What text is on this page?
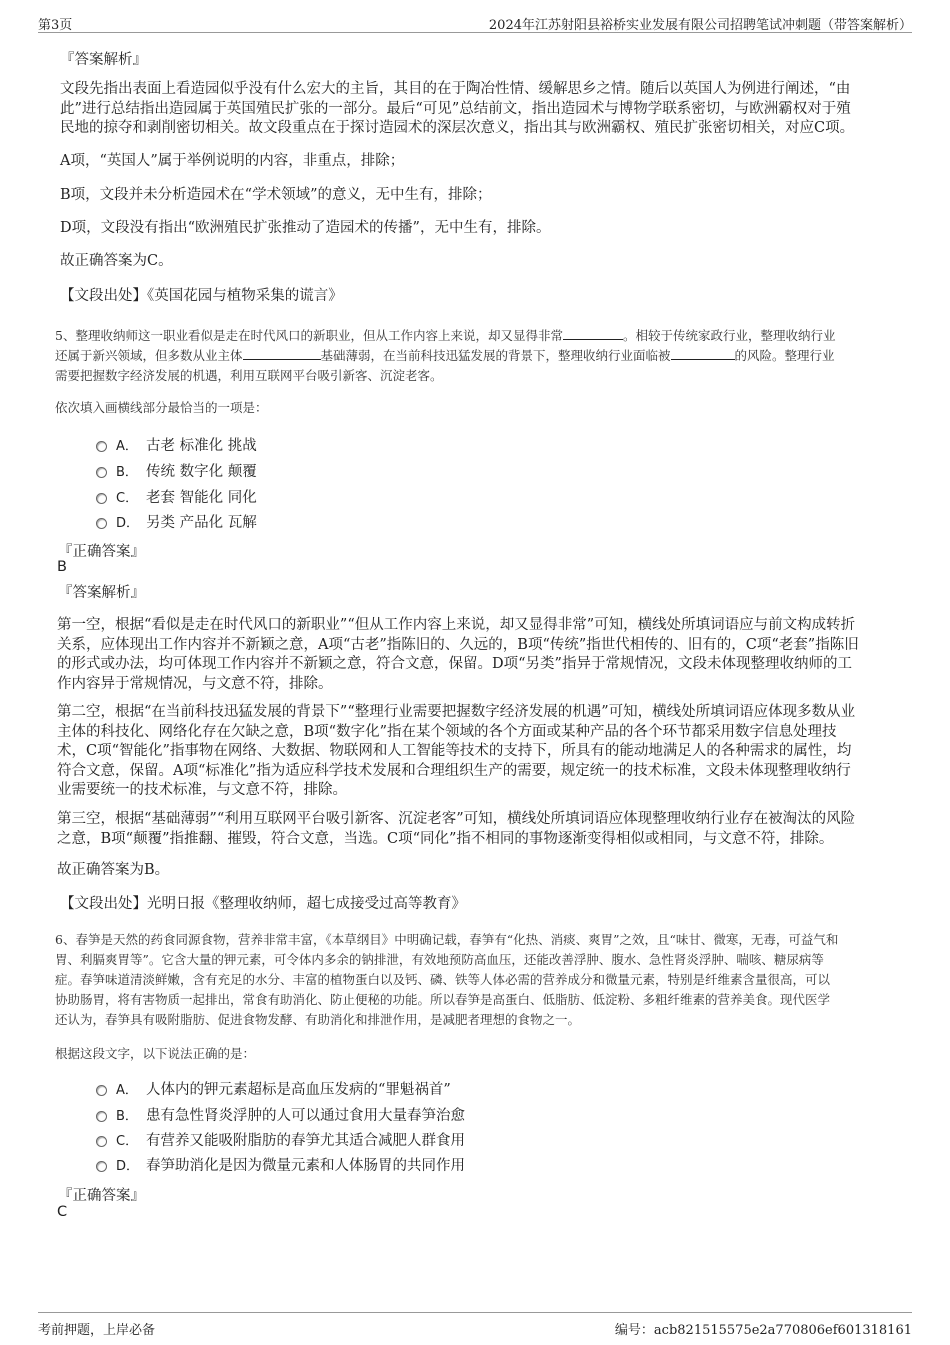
第3页	2024年江苏射阳县裕桥实业发展有限公司招聘笔试冲刺题（带答案解析）
『答案解析』
文段先指出表面上看造园似乎没有什么宏大的主旨，其目的在于陶冶性情、缓解思乡之情。随后以英国人为例进行阐述，“由
此”进行总结指出造园属于英国殖民扩张的一部分。最后“可见”总结前文，指出造园术与博物学联系密切，与欧洲霸权对于殖
民地的掠夺和剥削密切相关。故文段重点在于探讨造园术的深层次意义，指出其与欧洲霸权、殖民扩张密切相关，对应C项。
A项，“英国人”属于举例说明的内容，非重点，排除；
B项，文段并未分析造园术在“学术领域”的意义，无中生有，排除；
D项，文段没有指出“欧洲殖民扩张推动了造园术的传播”，无中生有，排除。
故正确答案为C。
【文段出处】《英国花园与植物采集的谎言》
5、整理收纳师这一职业看似是走在时代风口的新职业，但从工作内容上来说，却又显得非常	。相较于传统家政行业，整理收纳行业
还属于新兴领域，但多数从业主体	基础薄弱，在当前科技迅猛发展的背景下，整理收纳行业面临被	的风险。整理行业
需要把握数字经济发展的机遇，利用互联网平台吸引新客、沉淀老客。
依次填入画横线部分最恰当的一项是：
A． 古老 标准化 挑战
B． 传统 数字化 颠覆
C． 老套 智能化 同化
D． 另类 产品化 瓦解
『正确答案』
B
『答案解析』
第一空，根据“看似是走在时代风口的新职业”“但从工作内容上来说，却又显得非常”可知，横线处所填词语应与前文构成转折
关系，应体现出工作内容并不新颖之意，A项“古老”指陈旧的、久远的，B项“传统”指世代相传的、旧有的，C项“老套”指陈旧
的形式或办法，均可体现工作内容并不新颖之意，符合文意，保留。D项“另类”指异于常规情况，文段未体现整理收纳师的工
作内容异于常规情况，与文意不符，排除。
第二空，根据“在当前科技迅猛发展的背景下”“整理行业需要把握数字经济发展的机遇”可知，横线处所填词语应体现多数从业
主体的科技化、网络化存在欠缺之意，B项“数字化”指在某个领域的各个方面或某种产品的各个环节都采用数字信息处理技
术，C项“智能化”指事物在网络、大数据、物联网和人工智能等技术的支持下，所具有的能动地满足人的各种需求的属性，均
符合文意，保留。A项“标准化”指为适应科学技术发展和合理组织生产的需要，规定统一的技术标准，文段未体现整理收纳行
业需要统一的技术标准，与文意不符，排除。
第三空，根据“基础薄弱”“利用互联网平台吸引新客、沉淀老客”可知，横线处所填词语应体现整理收纳行业存在被淘汰的风险
之意，B项“颠覆”指推翻、摧毁，符合文意，当选。C项“同化”指不相同的事物逐渐变得相似或相同，与文意不符，排除。
故正确答案为B。
【文段出处】光明日报《整理收纳师，超七成接受过高等教育》
6、春笋是天然的药食同源食物，营养非常丰富，《本草纲目》中明确记载，春笋有“化热、消痰、爽胃”之效，且“味甘、微寒，无毒，可益气和
胃、利膈爽胃等”。它含大量的钾元素，可令体内多余的钠排泄，有效地预防高血压，还能改善浮肿、腹水、急性肾炎浮肿、喘咳、糖尿病等
症。春笋味道清淡鲜嫩，含有充足的水分、丰富的植物蛋白以及钙、磷、铁等人体必需的营养成分和微量元素，特别是纤维素含量很高，可以
协助肠胃，将有害物质一起排出，常食有助消化、防止便秘的功能。所以春笋是高蛋白、低脂肪、低淀粉、多粗纤维素的营养美食。现代医学
还认为，春笋具有吸附脂肪、促进食物发酵、有助消化和排泄作用，是减肥者理想的食物之一。
根据这段文字，以下说法正确的是：
A． 人体内的钾元素超标是高血压发病的“罪魁祸首”
B． 患有急性肾炎浮肿的人可以通过食用大量春笋治愈
C． 有营养又能吸附脂肪的春笋尤其适合减肥人群食用
D． 春笋助消化是因为微量元素和人体肠胃的共同作用
『正确答案』
C
考前押题，上岸必备	编号：acb821515575e2a770806ef601318161
